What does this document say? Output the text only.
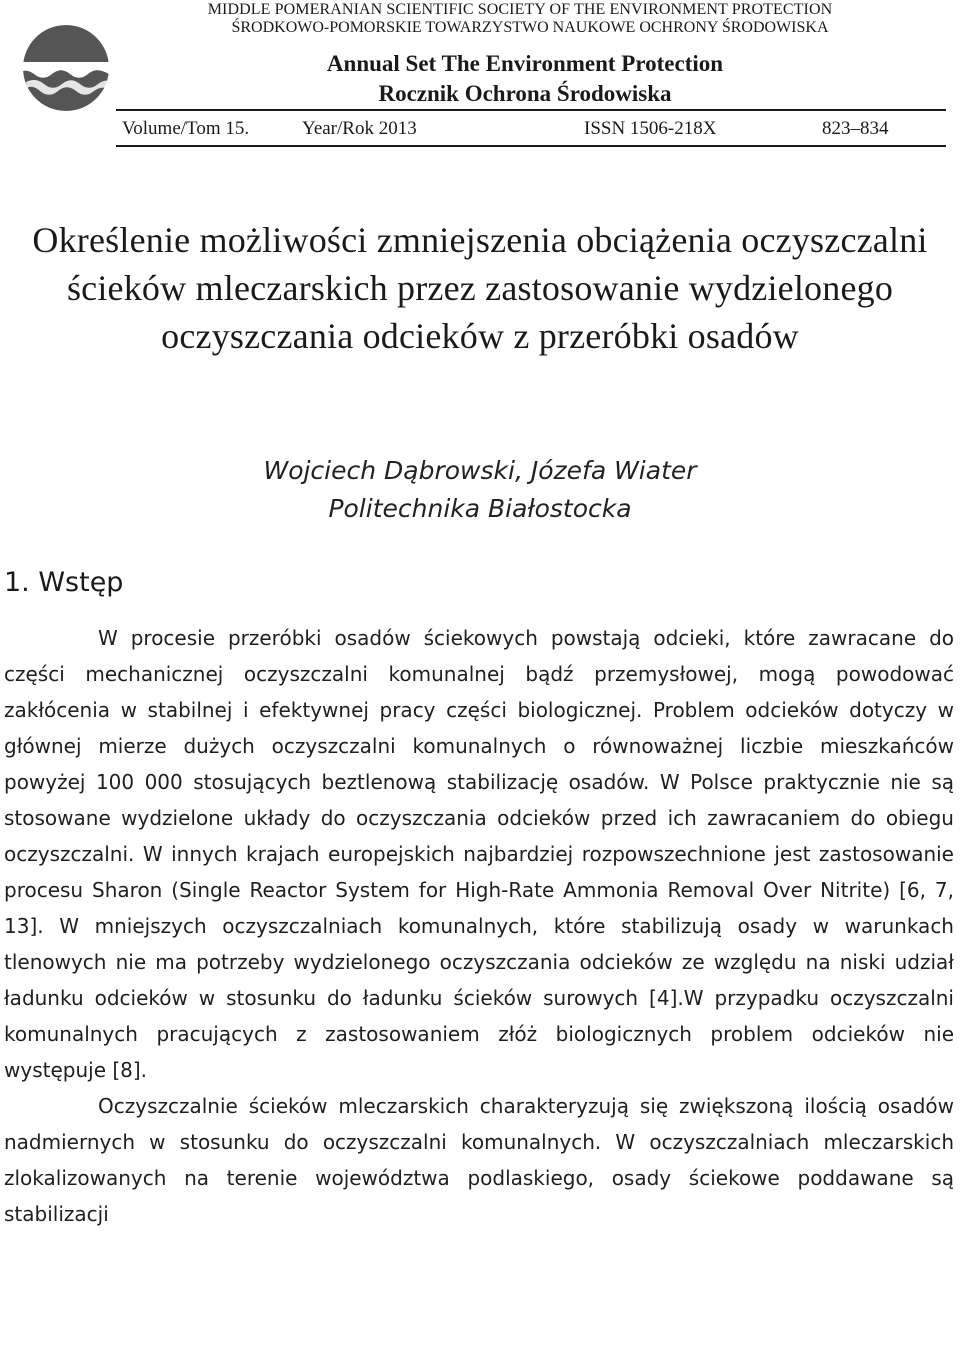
MIDDLE POMERANIAN SCIENTIFIC SOCIETY OF THE ENVIRONMENT PROTECTION
ŚRODKOWO-POMORSKIE TOWARZYSTWO NAUKOWE OCHRONY ŚRODOWISKA
Annual Set The Environment Protection
Rocznik Ochrona Środowiska
Volume/Tom 15.	Year/Rok 2013	ISSN 1506-218X	823–834
Określenie możliwości zmniejszenia obciążenia oczyszczalni ścieków mleczarskich przez zastosowanie wydzielonego oczyszczania odcieków z przeróbki osadów
Wojciech Dąbrowski, Józefa Wiater
Politechnika Białostocka
1. Wstęp

W procesie przeróbki osadów ściekowych powstają odcieki, które zawracane do części mechanicznej oczyszczalni komunalnej bądź przemysłowej, mogą powodować zakłócenia w stabilnej i efektywnej pracy części biologicznej. Problem odcieków dotyczy w głównej mierze dużych oczyszczalni komunalnych o równoważnej liczbie mieszkańców powyżej 100 000 stosujących beztlenową stabilizację osadów. W Polsce praktycznie nie są stosowane wydzielone układy do oczyszczania odcieków przed ich zawracaniem do obiegu oczyszczalni. W innych krajach europejskich najbardziej rozpowszechnione jest zastosowanie procesu Sharon (Single Reactor System for High-Rate Ammonia Removal Over Nitrite) [6, 7, 13]. W mniejszych oczyszczalniach komunalnych, które stabilizują osady w warunkach tlenowych nie ma potrzeby wydzielonego oczyszczania odcieków ze względu na niski udział ładunku odcieków w stosunku do ładunku ścieków surowych [4].W przypadku oczyszczalni komunalnych pracujących z zastosowaniem złóż biologicznych problem odcieków nie występuje [8].

Oczyszczalnie ścieków mleczarskich charakteryzują się zwiększoną ilością osadów nadmiernych w stosunku do oczyszczalni komunalnych. W oczyszczalniach mleczarskich zlokalizowanych na terenie województwa podlaskiego, osady ściekowe poddawane są stabilizacji
